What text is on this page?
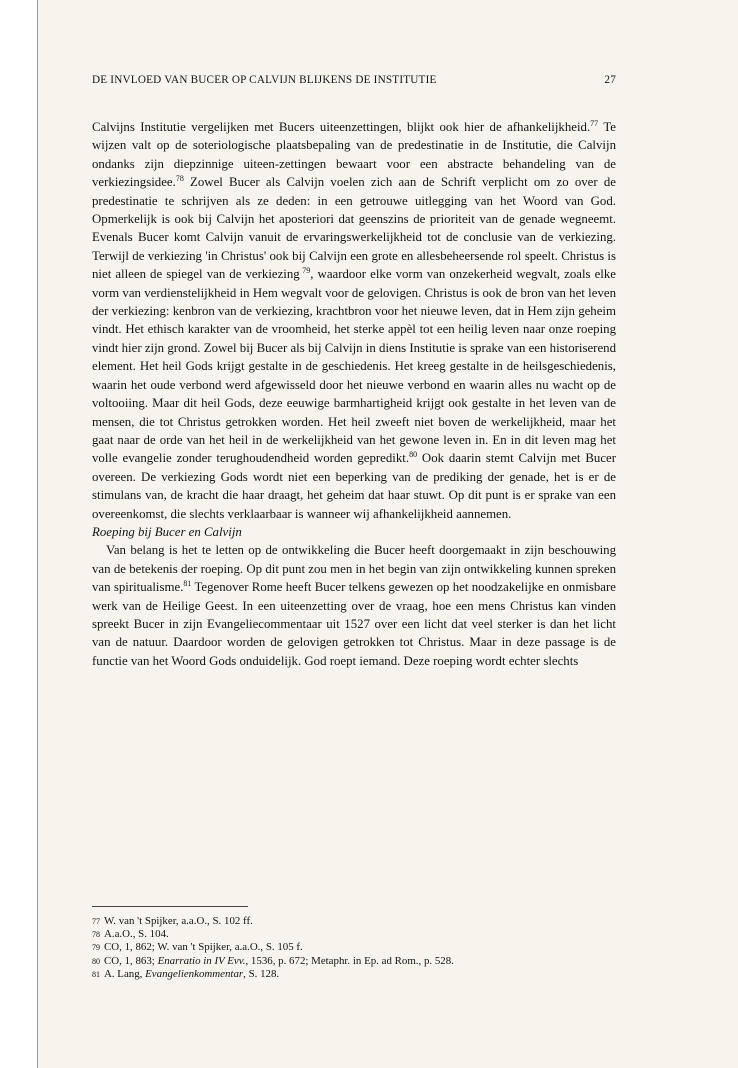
DE INVLOED VAN BUCER OP CALVIJN BLIJKENS DE INSTITUTIE	27

Calvijns Institutie vergelijken met Bucers uiteenzettingen, blijkt ook hier de afhankelijkheid.$^{77}$ Te wijzen valt op de soteriologische plaatsbepaling van de predestinatie in de Institutie, die Calvijn ondanks zijn diepzinnige uiteen-zettingen bewaart voor een abstracte behandeling van de verkiezingsidee.$^{78}$ Zowel Bucer als Calvijn voelen zich aan de Schrift verplicht om zo over de predestinatie te schrijven als ze deden: in een getrouwe uitlegging van het Woord van God. Opmerkelijk is ook bij Calvijn het aposteriori dat geenszins de prioriteit van de genade wegneemt. Evenals Bucer komt Calvijn vanuit de ervaringswerkelijkheid tot de conclusie van de verkiezing. Terwijl de verkiezing 'in Christus' ook bij Calvijn een grote en allesbeheersende rol speelt. Christus is niet alleen de spiegel van de verkiezing  $^{79}$, waardoor elke vorm van onzekerheid wegvalt, zoals elke vorm van verdienstelijkheid in Hem wegvalt voor de gelovigen. Christus is ook de bron van het leven der verkiezing: kenbron van de verkiezing, krachtbron voor het nieuwe leven, dat in Hem zijn geheim vindt. Het ethisch karakter van de vroomheid, het sterke appèl tot een heilig leven naar onze roeping vindt hier zijn grond. Zowel bij Bucer als bij Calvijn in diens Institutie is sprake van een historiserend element. Het heil Gods krijgt gestalte in de geschiedenis. Het kreeg gestalte in de heilsgeschiedenis, waarin het oude verbond werd afgewisseld door het nieuwe verbond en waarin alles nu wacht op de voltooiing. Maar dit heil Gods, deze eeuwige barmhartigheid krijgt ook gestalte in het leven van de mensen, die tot Christus getrokken worden. Het heil zweeft niet boven de werkelijkheid, maar het gaat naar de orde van het heil in de werkelijkheid van het gewone leven in. En in dit leven mag het volle evangelie zonder terughoudendheid worden gepredikt.$^{80}$ Ook daarin stemt Calvijn met Bucer overeen. De verkiezing Gods wordt niet een beperking van de prediking der genade, het is er de stimulans van, de kracht die haar draagt, het geheim dat haar stuwt. Op dit punt is er sprake van een overeenkomst, die slechts verklaarbaar is wanneer wij afhankelijkheid aannemen.

Roeping bij Bucer en Calvijn

Van belang is het te letten op de ontwikkeling die Bucer heeft doorgemaakt in zijn beschouwing van de betekenis der roeping. Op dit punt zou men in het begin van zijn ontwikkeling kunnen spreken van spiritualisme.$^{81}$ Tegenover Rome heeft Bucer telkens gewezen op het noodzakelijke en onmisbare werk van de Heilige Geest. In een uiteenzetting over de vraag, hoe een mens Christus kan vinden spreekt Bucer in zijn Evangeliecommentaar uit 1527 over een licht dat veel sterker is dan het licht van de natuur. Daardoor worden de gelovigen getrokken tot Christus. Maar in deze passage is de functie van het Woord Gods onduidelijk. God roept iemand. Deze roeping wordt echter slechts

77 W. van 't Spijker, a.a.O., S. 102 ff.
78 A.a.O., S. 104.
79 CO, 1, 862; W. van 't Spijker, a.a.O., S. 105 f.
80 CO, 1, 863; Enarratio in IV Evv., 1536, p. 672; Metaphr. in Ep. ad Rom., p. 528.
81 A. Lang, Evangelienkommentar, S. 128.
